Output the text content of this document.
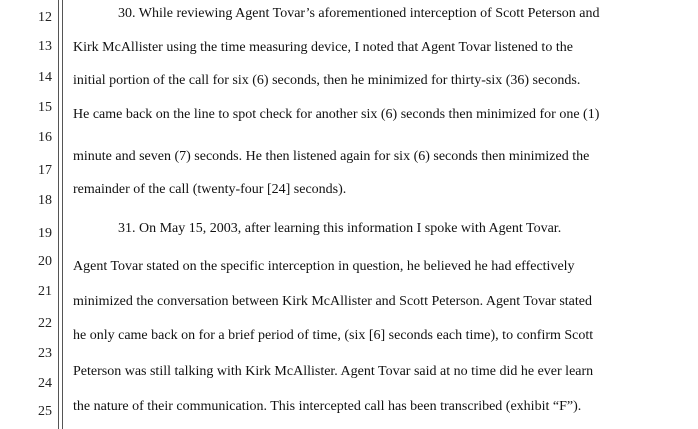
12
13
14
15
16
17
18
19
20
21
22
23
24
25
30. While reviewing Agent Tovar’s aforementioned interception of Scott Peterson and
Kirk McAllister using the time measuring device, I noted that Agent Tovar listened to the
initial portion of the call for six (6) seconds, then he minimized for thirty-six (36) seconds.
He came back on the line to spot check for another six (6) seconds then minimized for one (1)
minute and seven (7) seconds. He then listened again for six (6) seconds then minimized the
remainder of the call (twenty-four [24] seconds).
31. On May 15, 2003, after learning this information I spoke with Agent Tovar.
Agent Tovar stated on the specific interception in question, he believed he had effectively
minimized the conversation between Kirk McAllister and Scott Peterson. Agent Tovar stated
he only came back on for a brief period of time, (six [6] seconds each time), to confirm Scott
Peterson was still talking with Kirk McAllister. Agent Tovar said at no time did he ever learn
the nature of their communication. This intercepted call has been transcribed (exhibit “F”).
